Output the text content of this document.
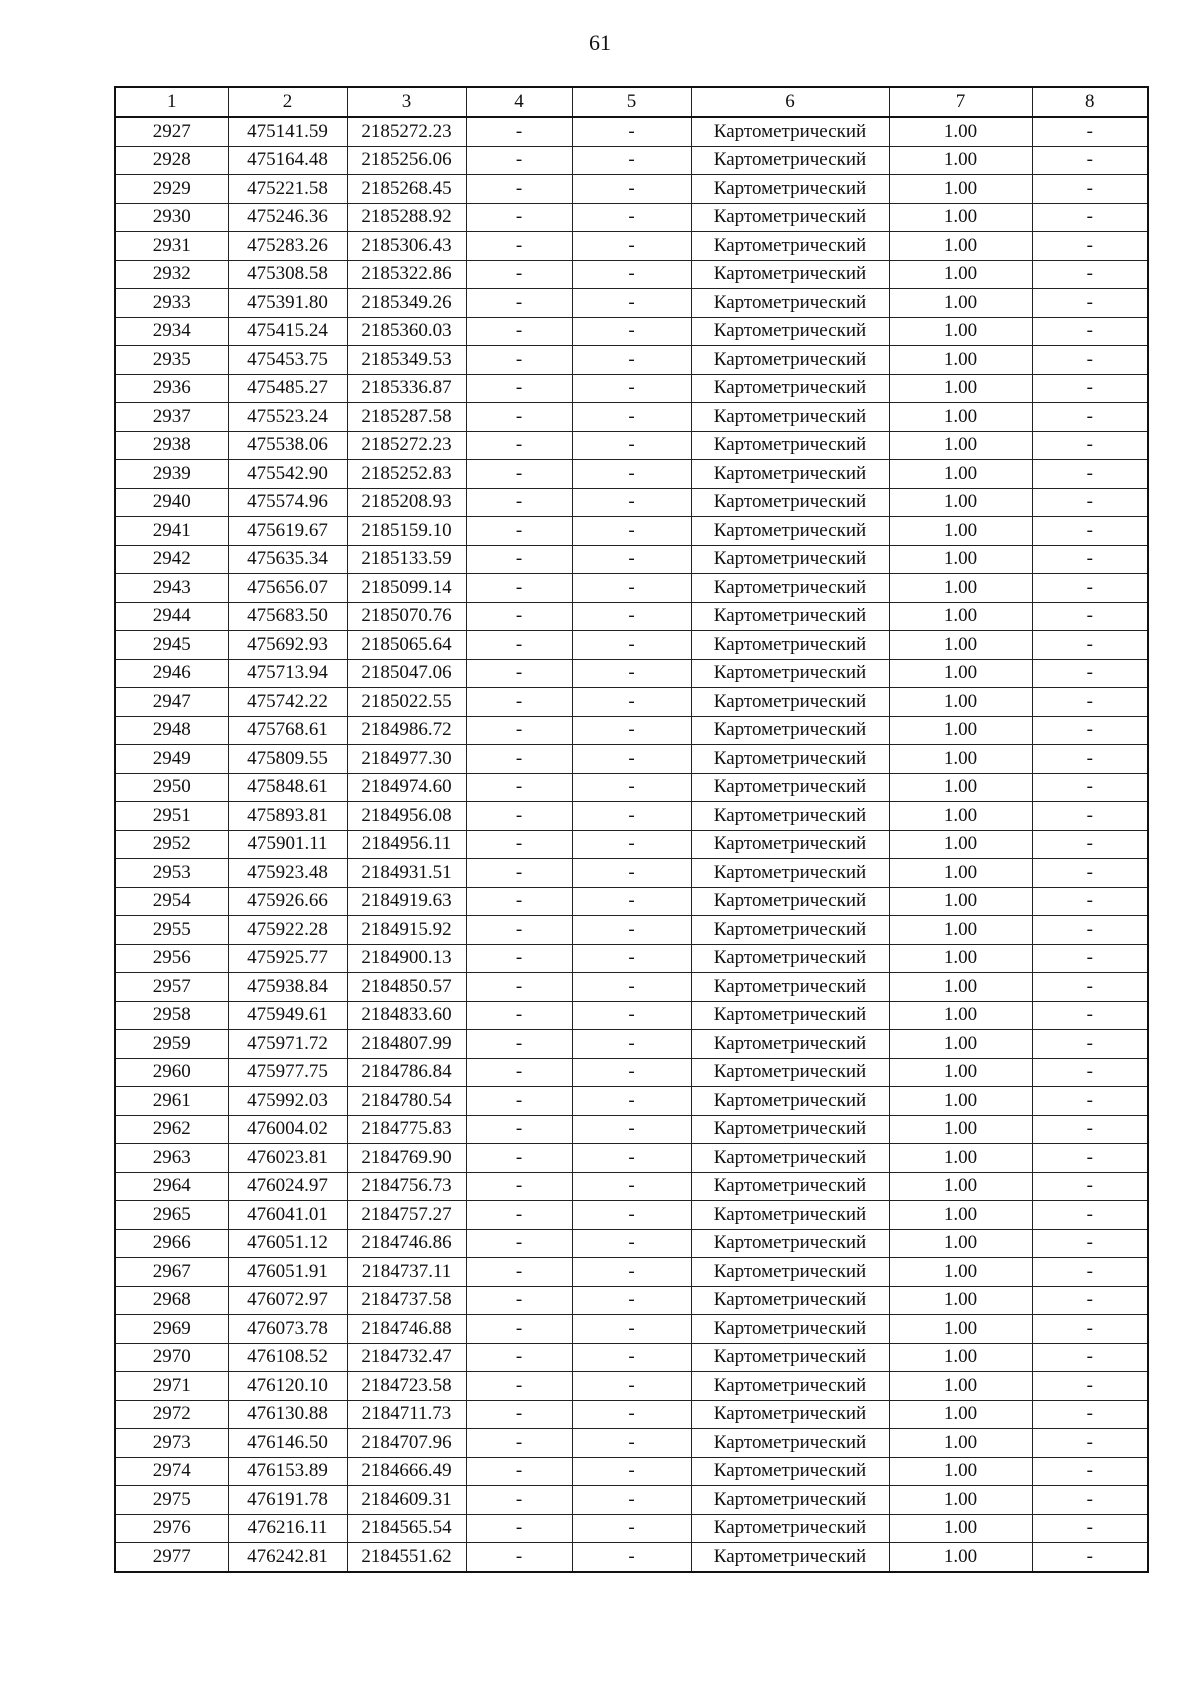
61
1	2	3	4	5	6	7	8
2927	475141.59	2185272.23	-	-	Картометрический	1.00	-
2928	475164.48	2185256.06	-	-	Картометрический	1.00	-
2929	475221.58	2185268.45	-	-	Картометрический	1.00	-
2930	475246.36	2185288.92	-	-	Картометрический	1.00	-
2931	475283.26	2185306.43	-	-	Картометрический	1.00	-
2932	475308.58	2185322.86	-	-	Картометрический	1.00	-
2933	475391.80	2185349.26	-	-	Картометрический	1.00	-
2934	475415.24	2185360.03	-	-	Картометрический	1.00	-
2935	475453.75	2185349.53	-	-	Картометрический	1.00	-
2936	475485.27	2185336.87	-	-	Картометрический	1.00	-
2937	475523.24	2185287.58	-	-	Картометрический	1.00	-
2938	475538.06	2185272.23	-	-	Картометрический	1.00	-
2939	475542.90	2185252.83	-	-	Картометрический	1.00	-
2940	475574.96	2185208.93	-	-	Картометрический	1.00	-
2941	475619.67	2185159.10	-	-	Картометрический	1.00	-
2942	475635.34	2185133.59	-	-	Картометрический	1.00	-
2943	475656.07	2185099.14	-	-	Картометрический	1.00	-
2944	475683.50	2185070.76	-	-	Картометрический	1.00	-
2945	475692.93	2185065.64	-	-	Картометрический	1.00	-
2946	475713.94	2185047.06	-	-	Картометрический	1.00	-
2947	475742.22	2185022.55	-	-	Картометрический	1.00	-
2948	475768.61	2184986.72	-	-	Картометрический	1.00	-
2949	475809.55	2184977.30	-	-	Картометрический	1.00	-
2950	475848.61	2184974.60	-	-	Картометрический	1.00	-
2951	475893.81	2184956.08	-	-	Картометрический	1.00	-
2952	475901.11	2184956.11	-	-	Картометрический	1.00	-
2953	475923.48	2184931.51	-	-	Картометрический	1.00	-
2954	475926.66	2184919.63	-	-	Картометрический	1.00	-
2955	475922.28	2184915.92	-	-	Картометрический	1.00	-
2956	475925.77	2184900.13	-	-	Картометрический	1.00	-
2957	475938.84	2184850.57	-	-	Картометрический	1.00	-
2958	475949.61	2184833.60	-	-	Картометрический	1.00	-
2959	475971.72	2184807.99	-	-	Картометрический	1.00	-
2960	475977.75	2184786.84	-	-	Картометрический	1.00	-
2961	475992.03	2184780.54	-	-	Картометрический	1.00	-
2962	476004.02	2184775.83	-	-	Картометрический	1.00	-
2963	476023.81	2184769.90	-	-	Картометрический	1.00	-
2964	476024.97	2184756.73	-	-	Картометрический	1.00	-
2965	476041.01	2184757.27	-	-	Картометрический	1.00	-
2966	476051.12	2184746.86	-	-	Картометрический	1.00	-
2967	476051.91	2184737.11	-	-	Картометрический	1.00	-
2968	476072.97	2184737.58	-	-	Картометрический	1.00	-
2969	476073.78	2184746.88	-	-	Картометрический	1.00	-
2970	476108.52	2184732.47	-	-	Картометрический	1.00	-
2971	476120.10	2184723.58	-	-	Картометрический	1.00	-
2972	476130.88	2184711.73	-	-	Картометрический	1.00	-
2973	476146.50	2184707.96	-	-	Картометрический	1.00	-
2974	476153.89	2184666.49	-	-	Картометрический	1.00	-
2975	476191.78	2184609.31	-	-	Картометрический	1.00	-
2976	476216.11	2184565.54	-	-	Картометрический	1.00	-
2977	476242.81	2184551.62	-	-	Картометрический	1.00	-
